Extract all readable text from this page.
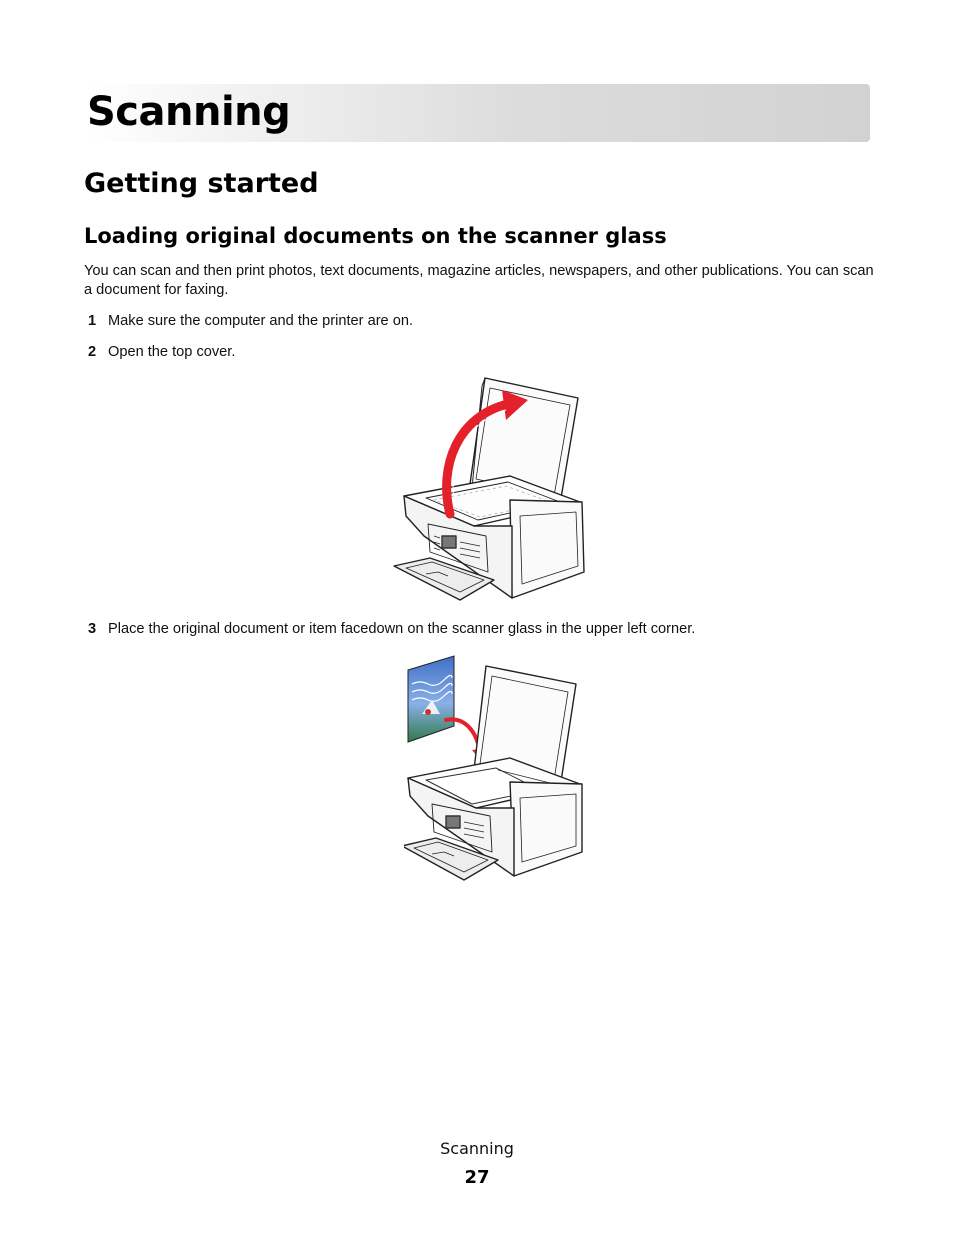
Scanning
Getting started
Loading original documents on the scanner glass

You can scan and then print photos, text documents, magazine articles, newspapers, and other publications. You can scan a document for faxing.

1 Make sure the computer and the printer are on.

2 Open the top cover.

3 Place the original document or item facedown on the scanner glass in the upper left corner.

Scanning
27
